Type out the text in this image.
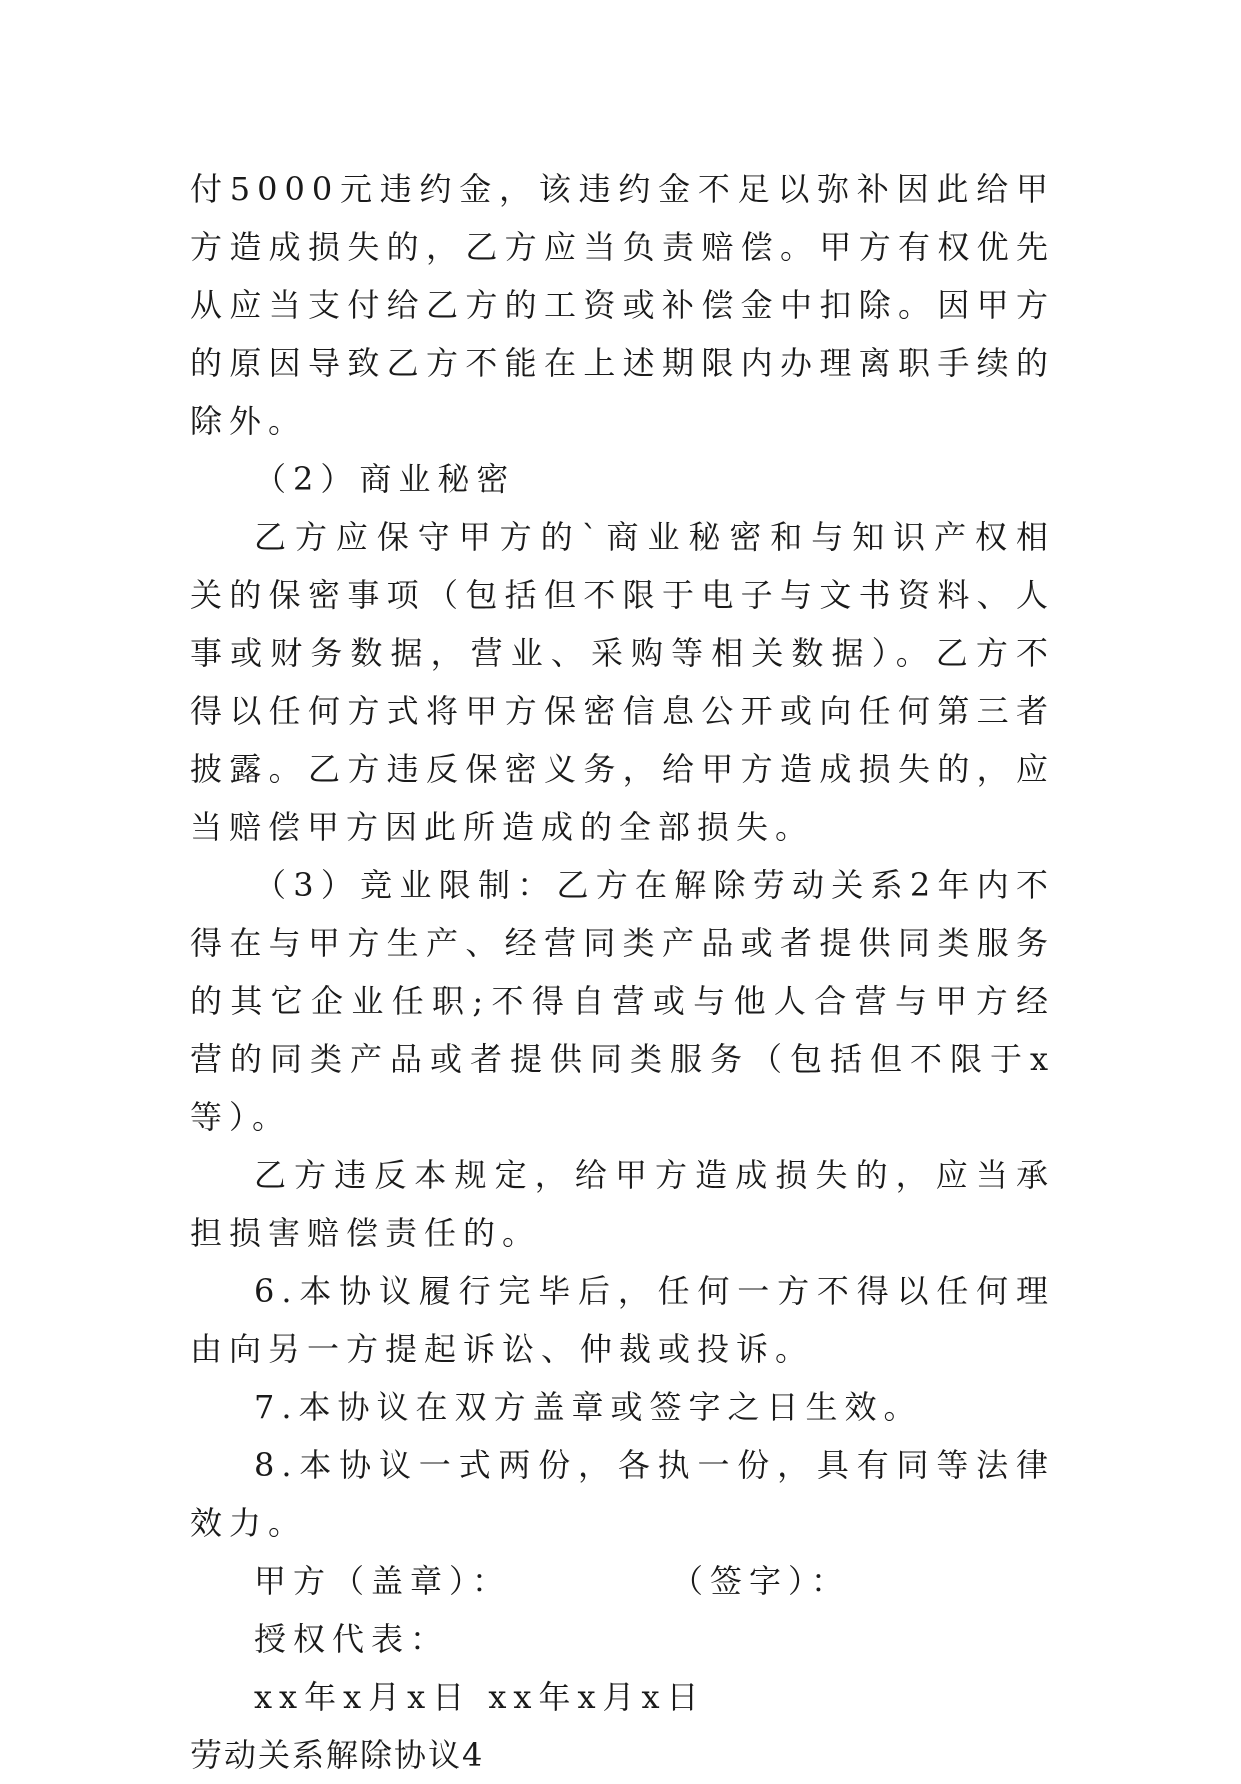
付5000元违约金，该违约金不足以弥补因此给甲方造成损失的，乙方应当负责赔偿。甲方有权优先从应当支付给乙方的工资或补偿金中扣除。因甲方的原因导致乙方不能在上述期限内办理离职手续的除外。

（2）商业秘密

乙方应保守甲方的`商业秘密和与知识产权相关的保密事项（包括但不限于电子与文书资料、人事或财务数据，营业、采购等相关数据）。乙方不得以任何方式将甲方保密信息公开或向任何第三者披露。乙方违反保密义务，给甲方造成损失的，应当赔偿甲方因此所造成的全部损失。

（3）竞业限制：乙方在解除劳动关系2年内不得在与甲方生产、经营同类产品或者提供同类服务的其它企业任职;不得自营或与他人合营与甲方经营的同类产品或者提供同类服务（包括但不限于x等）。

乙方违反本规定，给甲方造成损失的，应当承担损害赔偿责任的。

6.本协议履行完毕后，任何一方不得以任何理由向另一方提起诉讼、仲裁或投诉。

7.本协议在双方盖章或签字之日生效。

8.本协议一式两份，各执一份，具有同等法律效力。

甲方（盖章）：	（签字）：

授权代表：

xx年x月x日 xx年x月x日

劳动关系解除协议4
